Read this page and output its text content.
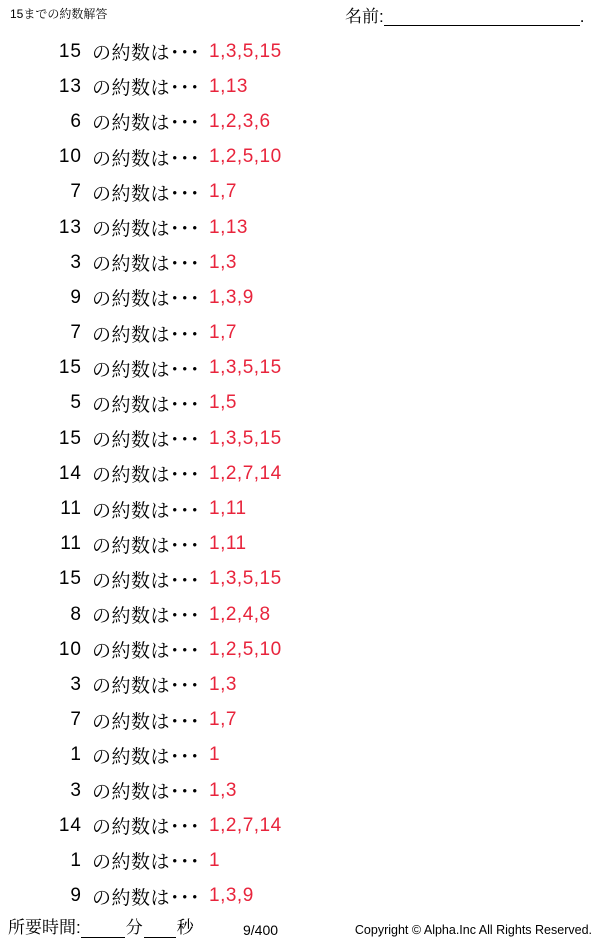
15までの約数解答	名前:	.
15 の約数は･･･ 1,3,5,15
13 の約数は･･･ 1,13
6 の約数は･･･ 1,2,3,6
10 の約数は･･･ 1,2,5,10
7 の約数は･･･ 1,7
13 の約数は･･･ 1,13
3 の約数は･･･ 1,3
9 の約数は･･･ 1,3,9
7 の約数は･･･ 1,7
15 の約数は･･･ 1,3,5,15
5 の約数は･･･ 1,5
15 の約数は･･･ 1,3,5,15
14 の約数は･･･ 1,2,7,14
11 の約数は･･･ 1,11
11 の約数は･･･ 1,11
15 の約数は･･･ 1,3,5,15
8 の約数は･･･ 1,2,4,8
10 の約数は･･･ 1,2,5,10
3 の約数は･･･ 1,3
7 の約数は･･･ 1,7
1 の約数は･･･ 1
3 の約数は･･･ 1,3
14 の約数は･･･ 1,2,7,14
1 の約数は･･･ 1
9 の約数は･･･ 1,3,9
所要時間:	分 秒	9/400	Copyright © Alpha.Inc All Rights Reserved.
